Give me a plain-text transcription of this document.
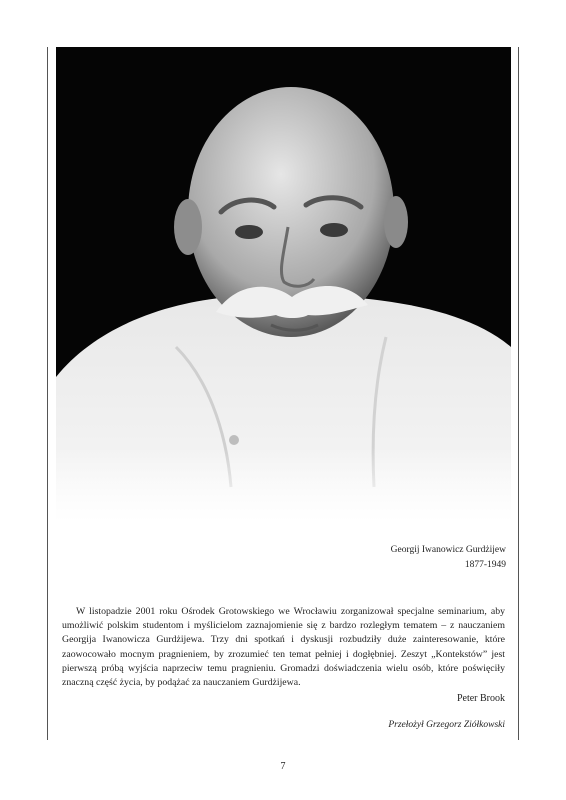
Georgij Iwanowicz Gurdżijew
1877-1949

W listopadzie 2001 roku Ośrodek Grotowskiego we Wrocławiu zorganizował specjalne seminarium, aby umożliwić polskim studentom i myślicielom zaznajomienie się z bardzo rozległym tematem – z nauczaniem Georgija Iwanowicza Gurdżijewa. Trzy dni spotkań i dyskusji rozbudziły duże zainteresowanie, które zaowocowało mocnym pragnieniem, by zrozumieć ten temat pełniej i dogłębniej. Zeszyt „Kontekstów” jest pierwszą próbą wyjścia naprzeciw temu pragnieniu. Gromadzi doświadczenia wielu osób, które poświęciły znaczną część życia, by podążać za nauczaniem Gurdżijewa.

Peter Brook
Przełożył Grzegorz Ziółkowski
7
